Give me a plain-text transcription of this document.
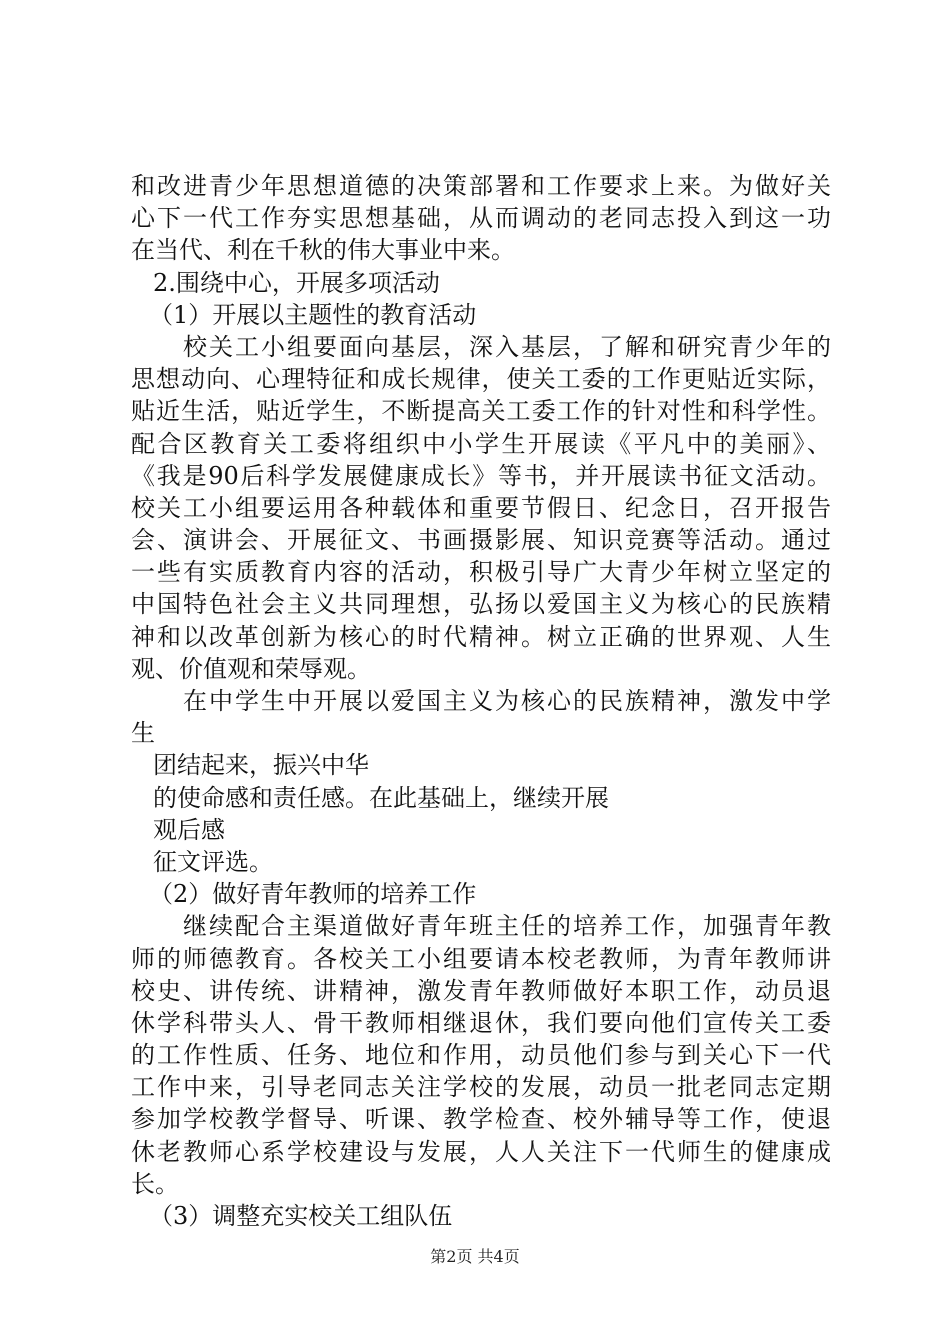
和改进青少年思想道德的决策部署和工作要求上来。为做好关
心下一代工作夯实思想基础，从而调动的老同志投入到这一功
在当代、利在千秋的伟大事业中来。
2.围绕中心，开展多项活动
（1）开展以主题性的教育活动
校关工小组要面向基层，深入基层，了解和研究青少年的
思想动向、心理特征和成长规律，使关工委的工作更贴近实际，
贴近生活，贴近学生，不断提高关工委工作的针对性和科学性。
配合区教育关工委将组织中小学生开展读《平凡中的美丽》、
《我是90后科学发展健康成长》等书，并开展读书征文活动。
校关工小组要运用各种载体和重要节假日、纪念日，召开报告
会、演讲会、开展征文、书画摄影展、知识竞赛等活动。通过
一些有实质教育内容的活动，积极引导广大青少年树立坚定的
中国特色社会主义共同理想，弘扬以爱国主义为核心的民族精
神和以改革创新为核心的时代精神。树立正确的世界观、人生
观、价值观和荣辱观。
在中学生中开展以爱国主义为核心的民族精神，激发中学
生
团结起来，振兴中华
的使命感和责任感。在此基础上，继续开展
观后感
征文评选。
（2）做好青年教师的培养工作
继续配合主渠道做好青年班主任的培养工作，加强青年教
师的师德教育。各校关工小组要请本校老教师，为青年教师讲
校史、讲传统、讲精神，激发青年教师做好本职工作，动员退
休学科带头人、骨干教师相继退休，我们要向他们宣传关工委
的工作性质、任务、地位和作用，动员他们参与到关心下一代
工作中来，引导老同志关注学校的发展，动员一批老同志定期
参加学校教学督导、听课、教学检查、校外辅导等工作，使退
休老教师心系学校建设与发展，人人关注下一代师生的健康成
长。
（3）调整充实校关工组队伍
第2页 共4页
